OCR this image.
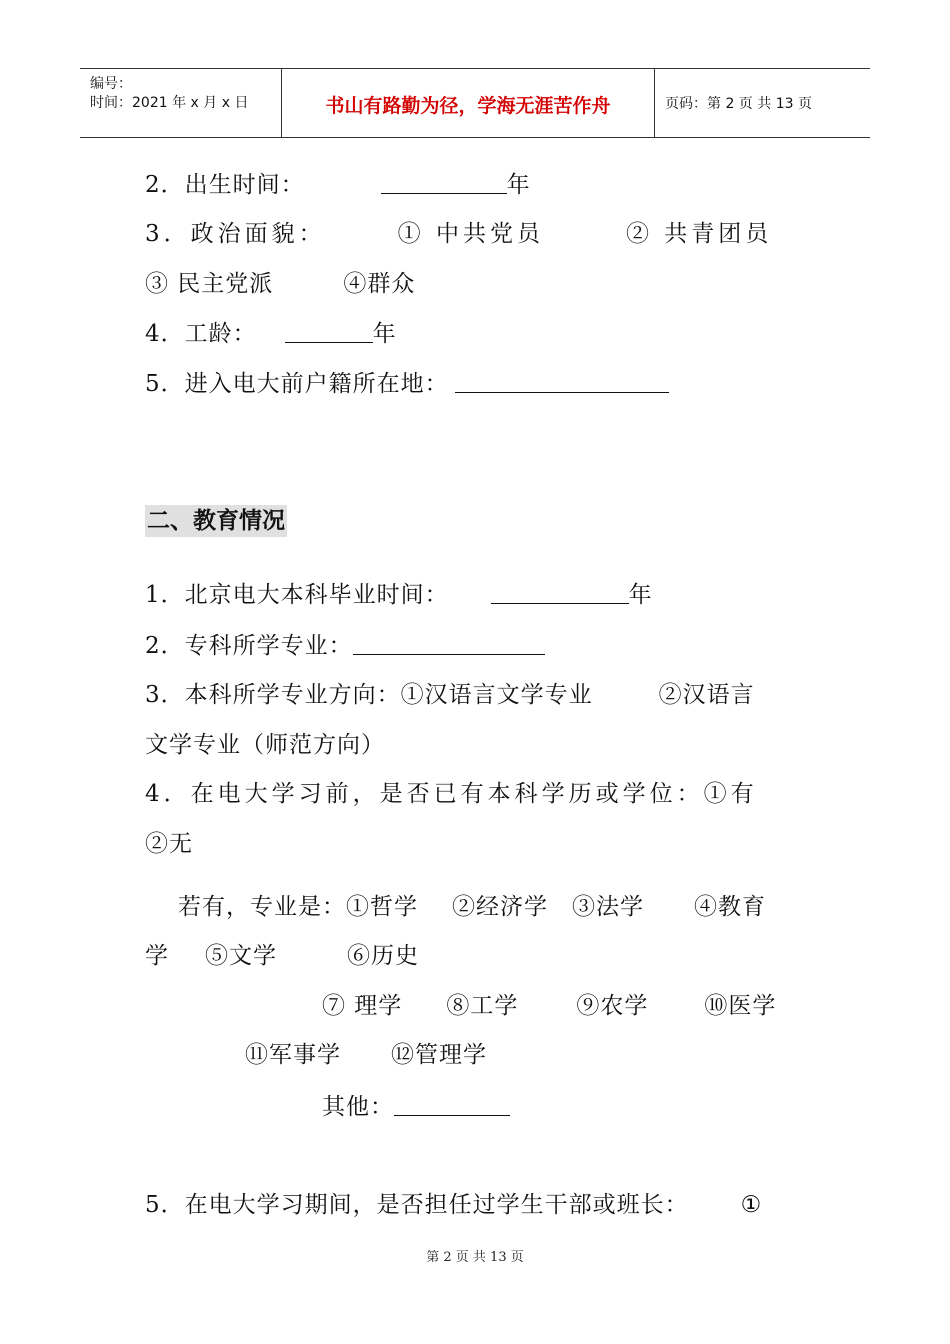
编号：
时间：2021 年 x 月 x 日	书山有路勤为径，学海无涯苦作舟	页码：第 2 页 共 13 页
2．出生时间：	年
3．政治面貌：	① 中共党员	② 共青团员
③ 民主党派	④群众
4．工龄：	年
5．进入电大前户籍所在地：
二、教育情况
1．北京电大本科毕业时间：	年
2．专科所学专业：
3．本科所学专业方向：①汉语言文学专业	②汉语言
文学专业（师范方向）
4．在电大学习前，是否已有本科学历或学位：①有
②无
若有，专业是：①哲学 ②经济学 ③法学 ④教育
学 ⑤文学	⑥历史
⑦ 理学 ⑧工学	⑨农学 ⑩医学
⑪军事学 ⑫管理学
其他：
5．在电大学习期间，是否担任过学生干部或班长： ①
第 2 页 共 13 页
